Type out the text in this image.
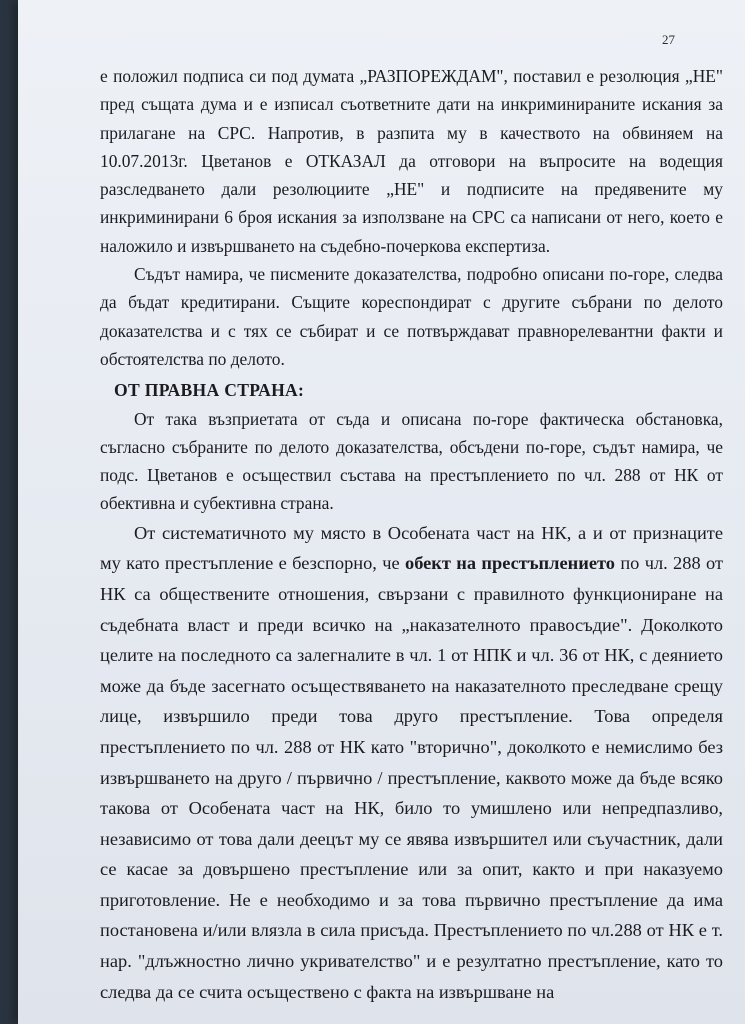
27

е положил подписа си под думата „РАЗПОРЕЖДАМ", поставил е резолюция „НЕ" пред същата дума и е изписал съответните дати на инкриминираните искания за прилагане на СРС. Напротив, в разпита му в качеството на обвиняем на 10.07.2013г. Цветанов е ОТКАЗАЛ да отговори на въпросите на водещия разследването дали резолюциите „НЕ" и подписите на предявените му инкриминирани 6 броя искания за използване на СРС са написани от него, което е наложило и извършването на съдебно-почеркова експертиза.

Съдът намира, че писмените доказателства, подробно описани по-горе, следва да бъдат кредитирани. Същите кореспондират с другите събрани по делото доказателства и с тях се събират и се потвърждават правнорелевантни факти и обстоятелства по делото.

ОТ ПРАВНА СТРАНА:

От така възприетата от съда и описана по-горе фактическа обстановка, съгласно събраните по делото доказателства, обсъдени по-горе, съдът намира, че подс. Цветанов е осъществил състава на престъплението по чл. 288 от НК от обективна и субективна страна.

От систематичното му място в Особената част на НК, а и от признаците му като престъпление е безспорно, че обект на престъплението по чл. 288 от НК са обществените отношения, свързани с правилното функциониране на съдебната власт и преди всичко на „наказателното правосъдие". Доколкото целите на последното са залегналите в чл. 1 от НПК и чл. 36 от НК, с деянието може да бъде засегнато осъществяването на наказателното преследване срещу лице, извършило преди това друго престъпление. Това определя престъплението по чл. 288 от НК като "вторично", доколкото е немислимо без извършването на друго / първично / престъпление, каквото може да бъде всяко такова от Особената част на НК, било то умишлено или непредпазливо, независимо от това дали деецът му се явява извършител или съучастник, дали се касае за довършено престъпление или за опит, както и при наказуемо приготовление. Не е необходимо и за това първично престъпление да има постановена и/или влязла в сила присъда. Престъплението по чл.288 от НК е т. нар. "длъжностно лично укривателство" и е резултатно престъпление, като то следва да се счита осъществено с факта на извършване на
